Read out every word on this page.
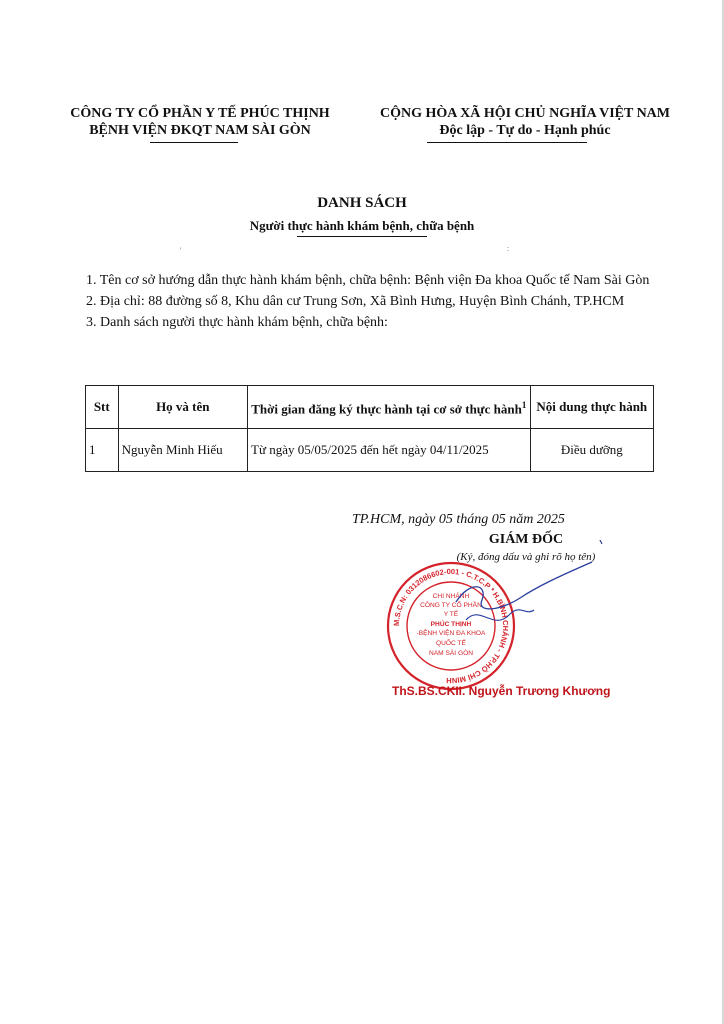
CÔNG TY CỔ PHẦN Y TẾ PHÚC THỊNH
BỆNH VIỆN ĐKQT NAM SÀI GÒN
CỘNG HÒA XÃ HỘI CHỦ NGHĨA VIỆT NAM
Độc lập - Tự do - Hạnh phúc
DANH SÁCH
Người thực hành khám bệnh, chữa bệnh
'	:

1. Tên cơ sở hướng dẫn thực hành khám bệnh, chữa bệnh: Bệnh viện Đa khoa Quốc tế Nam Sài Gòn

2. Địa chỉ: 88 đường số 8, Khu dân cư Trung Sơn, Xã Bình Hưng, Huyện Bình Chánh, TP.HCM

3. Danh sách người thực hành khám bệnh, chữa bệnh:

Stt	Họ và tên	Thời gian đăng ký thực hành tại cơ sở thực hành$^1$	Nội dung thực hành
1	Nguyễn Minh Hiếu	Từ ngày 05/05/2025 đến hết ngày 04/11/2025	Điều dưỡng
TP.HCM, ngày 05 tháng 05 năm 2025
GIÁM ĐỐC
(Ký, đóng dấu và ghi rõ họ tên)
M.S.C.N: 0312086602-001 - C.T.C.P * H.BÌNH CHÁNH - TP.HỒ CHÍ MINH
CHI NHÁNH
CÔNG TY CỔ PHẦN
Y TẾ
PHÚC THỊNH
-BỆNH VIỆN ĐA KHOA
QUỐC TẾ
NAM SÀI GÒN
ThS.BS.CKII. Nguyễn Trương Khương
